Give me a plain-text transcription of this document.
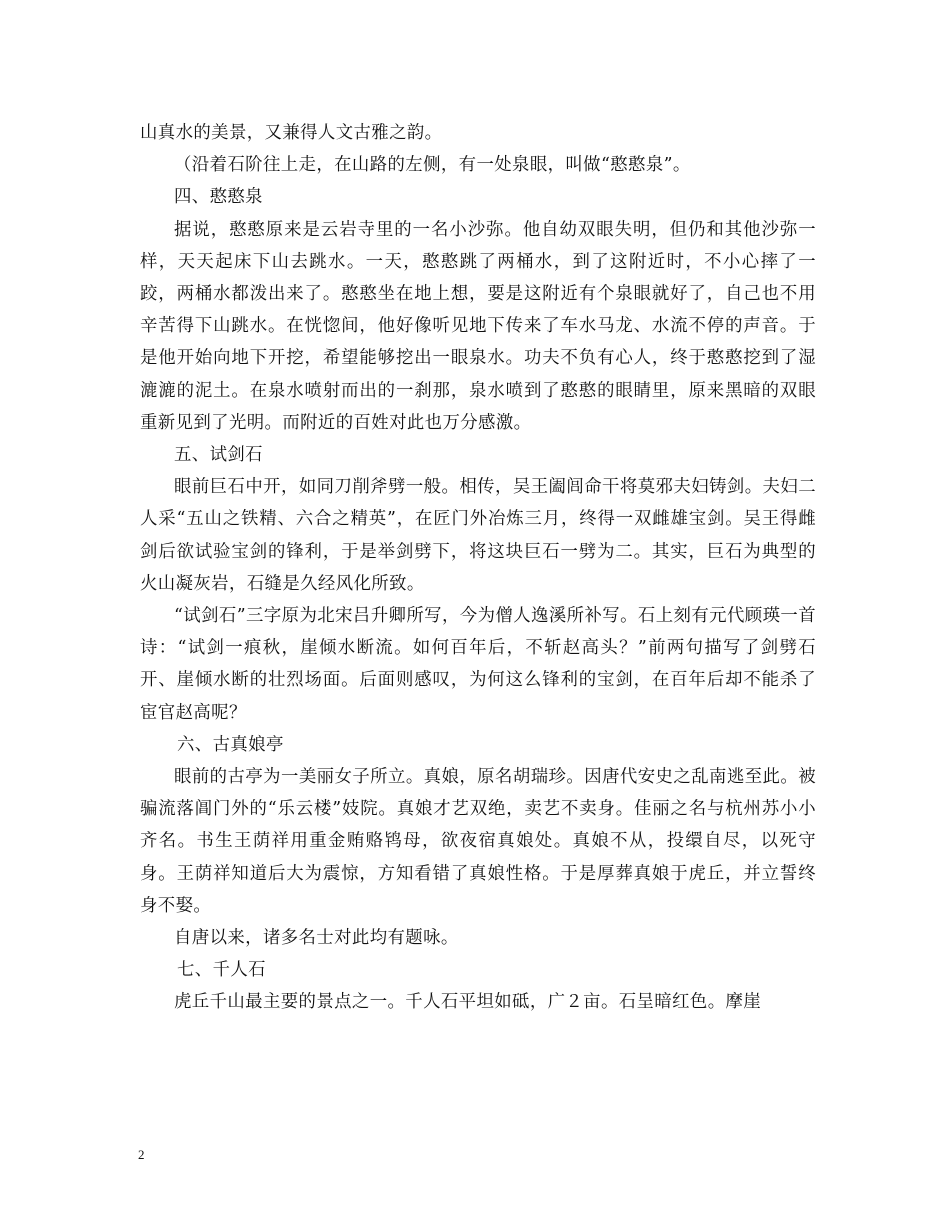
山真水的美景，又兼得人文古雅之韵。

（沿着石阶往上走，在山路的左侧，有一处泉眼，叫做“憨憨泉”。

四、憨憨泉

据说，憨憨原来是云岩寺里的一名小沙弥。他自幼双眼失明，但仍和其他沙弥一样，天天起床下山去跳水。一天，憨憨跳了两桶水，到了这附近时，不小心摔了一跤，两桶水都泼出来了。憨憨坐在地上想，要是这附近有个泉眼就好了，自己也不用辛苦得下山跳水。在恍惚间，他好像听见地下传来了车水马龙、水流不停的声音。于是他开始向地下开挖，希望能够挖出一眼泉水。功夫不负有心人，终于憨憨挖到了湿漉漉的泥土。在泉水喷射而出的一刹那，泉水喷到了憨憨的眼睛里，原来黑暗的双眼重新见到了光明。而附近的百姓对此也万分感激。

五、试剑石

眼前巨石中开，如同刀削斧劈一般。相传，吴王阖闾命干将莫邪夫妇铸剑。夫妇二人采“五山之铁精、六合之精英”，在匠门外冶炼三月，终得一双雌雄宝剑。吴王得雌剑后欲试验宝剑的锋利，于是举剑劈下，将这块巨石一劈为二。其实，巨石为典型的火山凝灰岩，石缝是久经风化所致。

“试剑石”三字原为北宋吕升卿所写，今为僧人逸溪所补写。石上刻有元代顾瑛一首诗：“试剑一痕秋，崖倾水断流。如何百年后，不斩赵高头？”前两句描写了剑劈石开、崖倾水断的壮烈场面。后面则感叹，为何这么锋利的宝剑，在百年后却不能杀了宦官赵高呢？

六、古真娘亭

眼前的古亭为一美丽女子所立。真娘，原名胡瑞珍。因唐代安史之乱南逃至此。被骗流落阊门外的“乐云楼”妓院。真娘才艺双绝，卖艺不卖身。佳丽之名与杭州苏小小齐名。书生王荫祥用重金贿赂鸨母，欲夜宿真娘处。真娘不从，投缳自尽，以死守身。王荫祥知道后大为震惊，方知看错了真娘性格。于是厚葬真娘于虎丘，并立誓终身不娶。

自唐以来，诸多名士对此均有题咏。

七、千人石

虎丘千山最主要的景点之一。千人石平坦如砥，广２亩。石呈暗红色。摩崖

2
